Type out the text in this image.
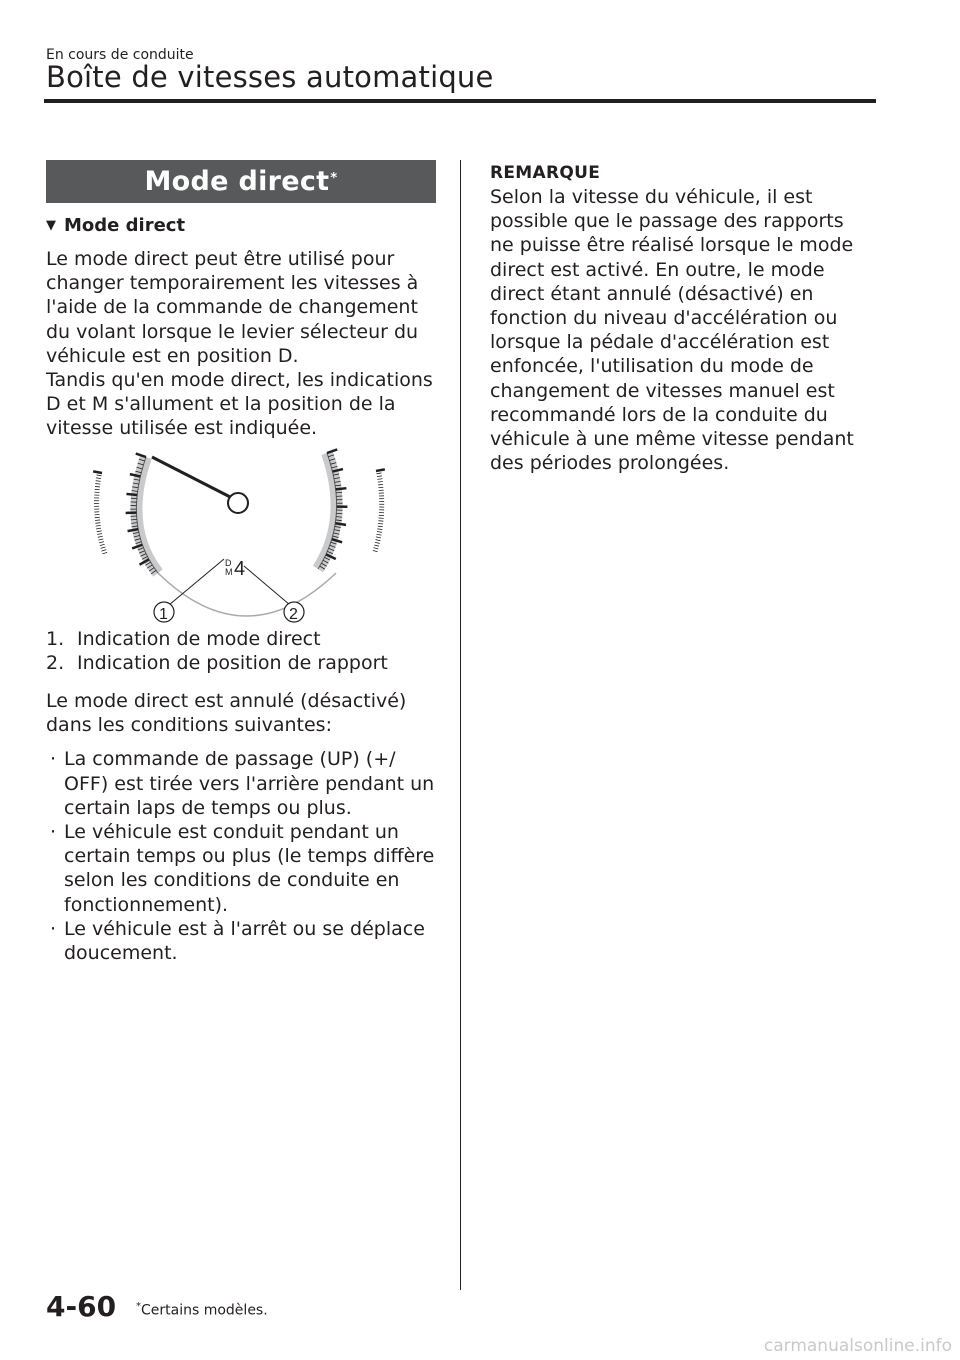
En cours de conduite
Boîte de vitesses automatique
Mode direct*
▼ Mode direct

Le mode direct peut être utilisé pour changer temporairement les vitesses à l'aide de la commande de changement du volant lorsque le levier sélecteur du véhicule est en position D.

Tandis qu'en mode direct, les indications D et M s'allument et la position de la vitesse utilisée est indiquée.

D
M 4
1	2
1. Indication de mode direct
2. Indication de position de rapport

Le mode direct est annulé (désactivé) dans les conditions suivantes:

· La commande de passage (UP) (+/ OFF) est tirée vers l'arrière pendant un certain laps de temps ou plus.
· Le véhicule est conduit pendant un certain temps ou plus (le temps diffère selon les conditions de conduite en fonctionnement).
· Le véhicule est à l'arrêt ou se déplace doucement.
REMARQUE

Selon la vitesse du véhicule, il est possible que le passage des rapports ne puisse être réalisé lorsque le mode direct est activé. En outre, le mode direct étant annulé (désactivé) en fonction du niveau d'accélération ou lorsque la pédale d'accélération est enfoncée, l'utilisation du mode de changement de vitesses manuel est recommandé lors de la conduite du véhicule à une même vitesse pendant des périodes prolongées.

4-60 *Certains modèles.
carmanualsonline.info
